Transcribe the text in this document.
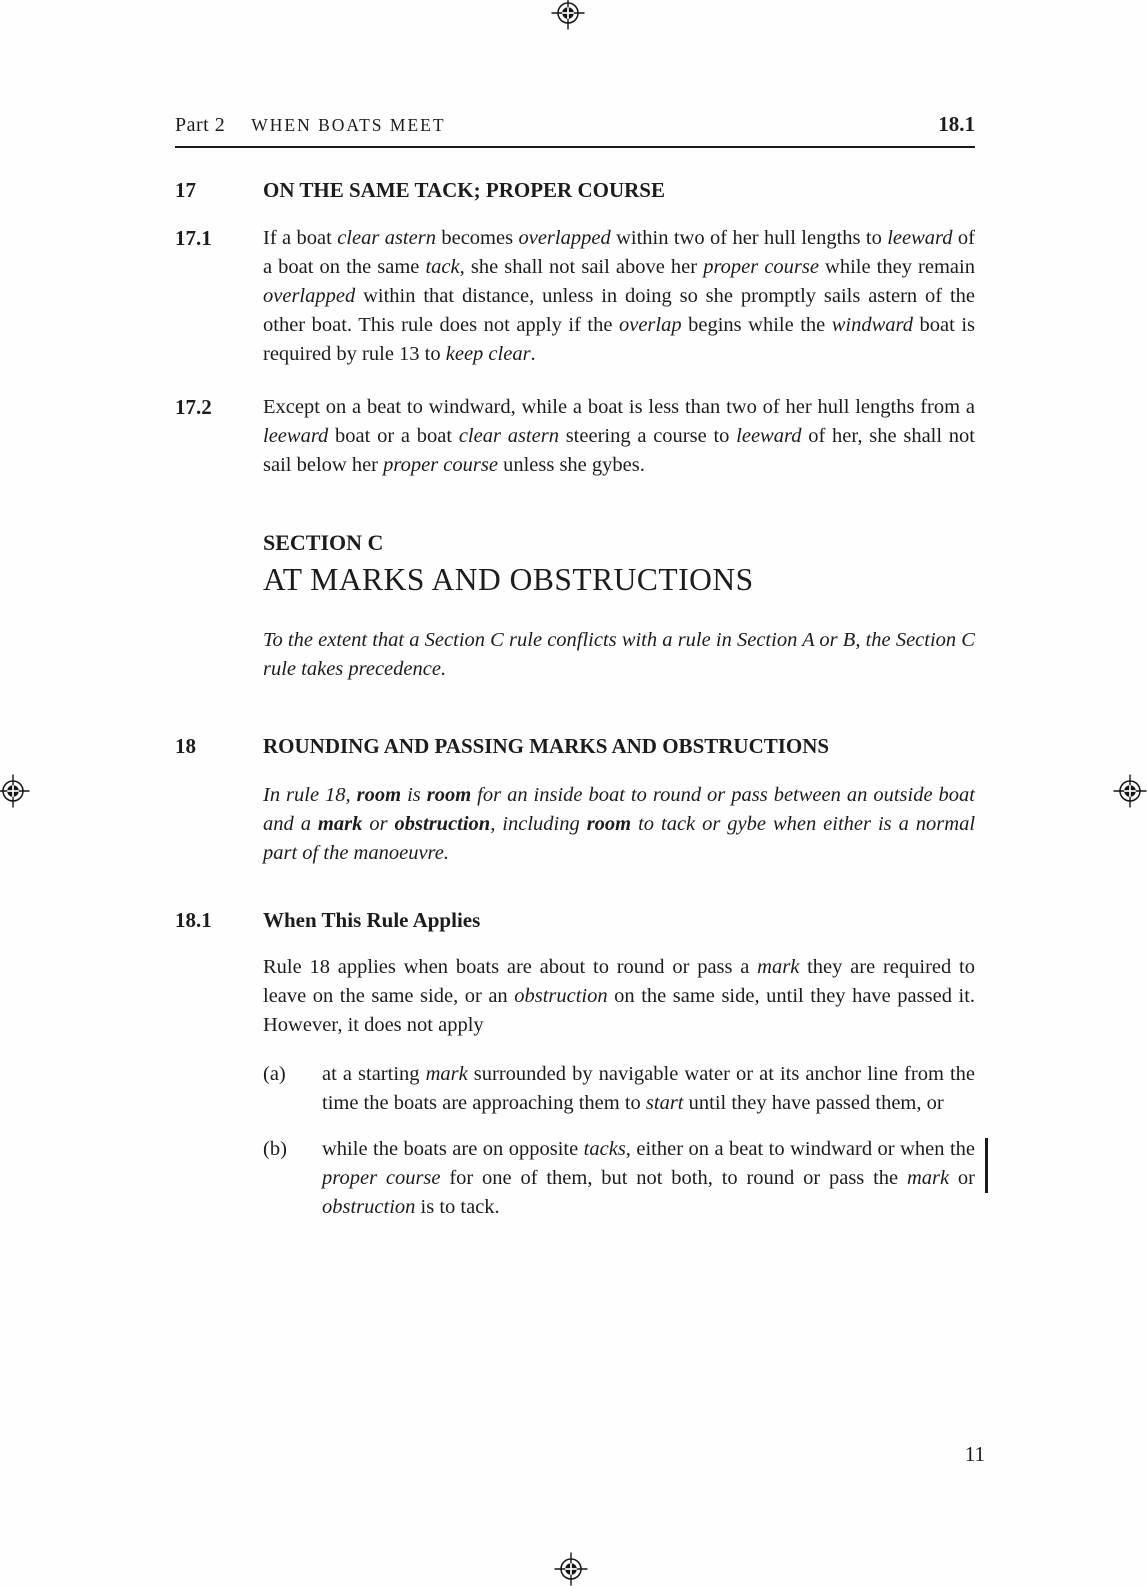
Part 2 WHEN BOATS MEET	18.1
17	ON THE SAME TACK; PROPER COURSE
17.1	If a boat clear astern becomes overlapped within two of her hull lengths to leeward of a boat on the same tack, she shall not sail above her proper course while they remain overlapped within that distance, unless in doing so she promptly sails astern of the other boat. This rule does not apply if the overlap begins while the windward boat is required by rule 13 to keep clear.
17.2	Except on a beat to windward, while a boat is less than two of her hull lengths from a leeward boat or a boat clear astern steering a course to leeward of her, she shall not sail below her proper course unless she gybes.
SECTION C
AT MARKS AND OBSTRUCTIONS
To the extent that a Section C rule conflicts with a rule in Section A or B, the Section C rule takes precedence.
18	ROUNDING AND PASSING MARKS AND OBSTRUCTIONS
In rule 18, room is room for an inside boat to round or pass between an outside boat and a mark or obstruction, including room to tack or gybe when either is a normal part of the manoeuvre.
18.1	When This Rule Applies
Rule 18 applies when boats are about to round or pass a mark they are required to leave on the same side, or an obstruction on the same side, until they have passed it. However, it does not apply
(a)	at a starting mark surrounded by navigable water or at its anchor line from the time the boats are approaching them to start until they have passed them, or
(b)	while the boats are on opposite tacks, either on a beat to windward or when the proper course for one of them, but not both, to round or pass the mark or obstruction is to tack.
11
